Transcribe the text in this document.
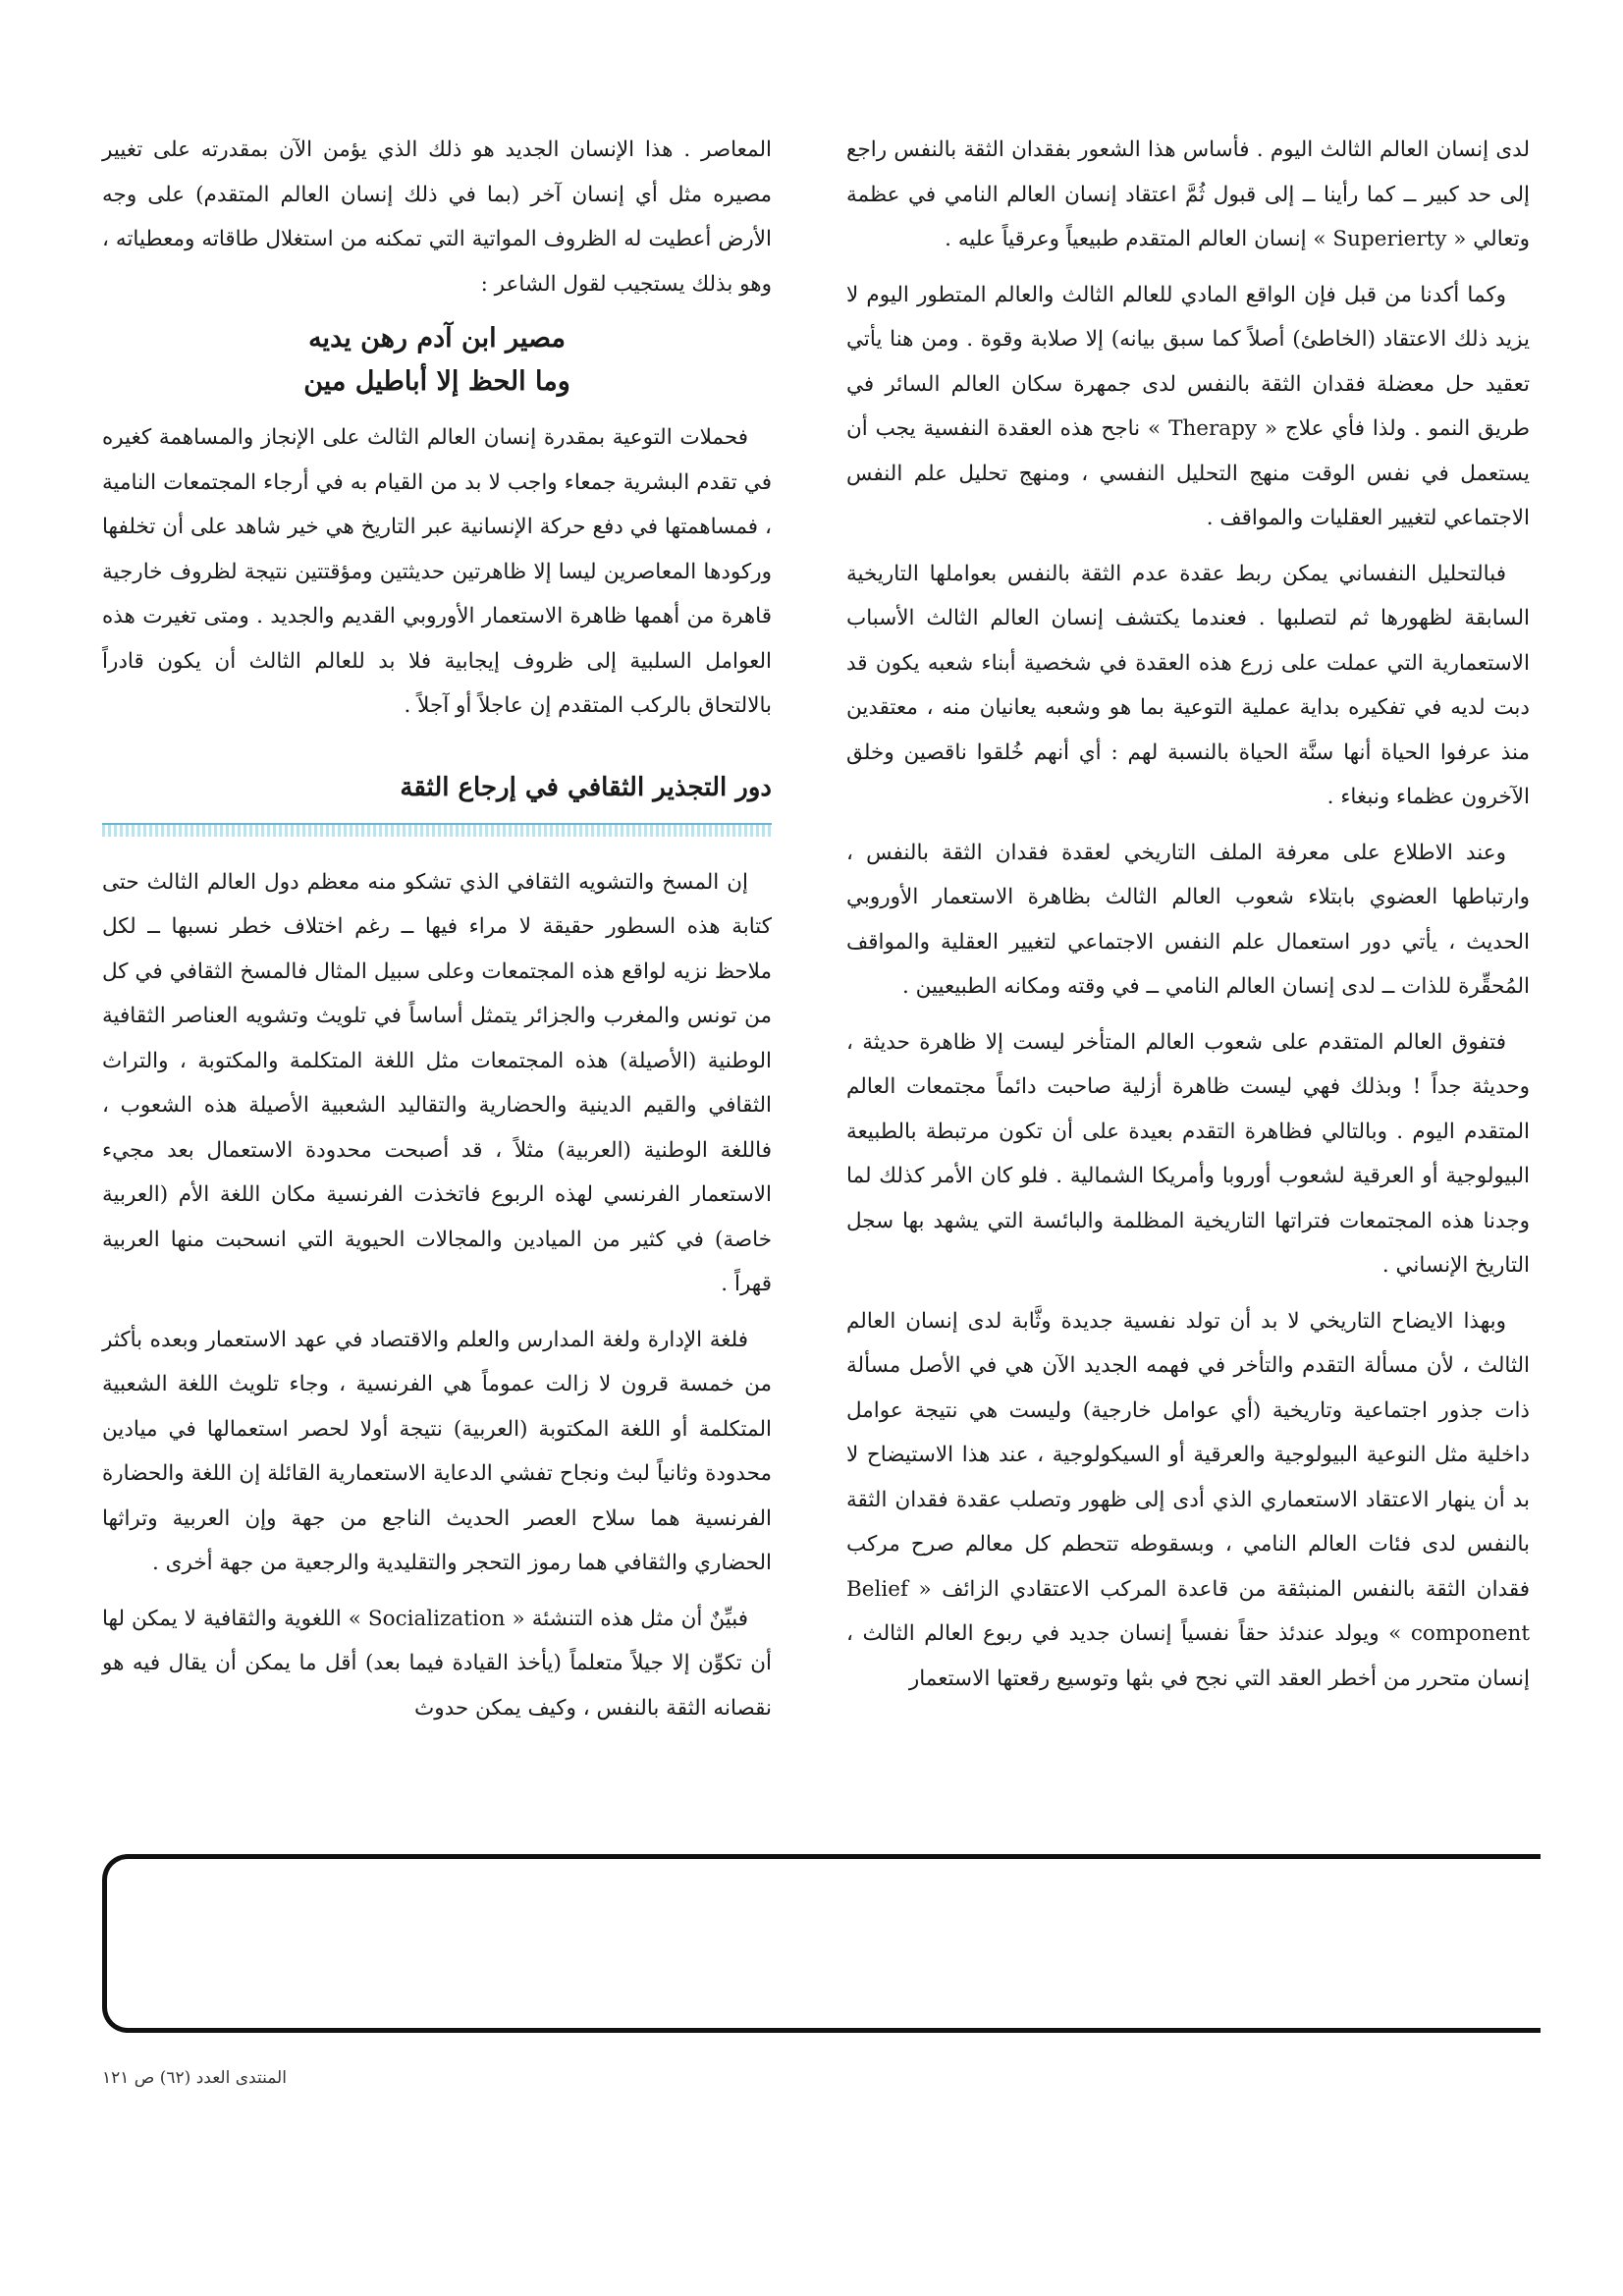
لدى إنسان العالم الثالث اليوم . فأساس هذا الشعور بفقدان الثقة بالنفس راجع إلى حد كبير ــ كما رأينا ــ إلى قبول ثُمَّ اعتقاد إنسان العالم النامي في عظمة وتعالي « Superierty » إنسان العالم المتقدم طبيعياً وعرقياً عليه .

وكما أكدنا من قبل فإن الواقع المادي للعالم الثالث والعالم المتطور اليوم لا يزيد ذلك الاعتقاد (الخاطئ) أصلاً كما سبق بيانه) إلا صلابة وقوة . ومن هنا يأتي تعقيد حل معضلة فقدان الثقة بالنفس لدى جمهرة سكان العالم السائر في طريق النمو . ولذا فأي علاج « Therapy » ناجح هذه العقدة النفسية يجب أن يستعمل في نفس الوقت منهج التحليل النفسي ، ومنهج تحليل علم النفس الاجتماعي لتغيير العقليات والمواقف .

فبالتحليل النفساني يمكن ربط عقدة عدم الثقة بالنفس بعواملها التاريخية السابقة لظهورها ثم لتصلبها . فعندما يكتشف إنسان العالم الثالث الأسباب الاستعمارية التي عملت على زرع هذه العقدة في شخصية أبناء شعبه يكون قد دبت لديه في تفكيره بداية عملية التوعية بما هو وشعبه يعانيان منه ، معتقدين منذ عرفوا الحياة أنها سنَّة الحياة بالنسبة لهم : أي أنهم خُلقوا ناقصين وخلق الآخرون عظماء ونبغاء .

وعند الاطلاع على معرفة الملف التاريخي لعقدة فقدان الثقة بالنفس ، وارتباطها العضوي بابتلاء شعوب العالم الثالث بظاهرة الاستعمار الأوروبي الحديث ، يأتي دور استعمال علم النفس الاجتماعي لتغيير العقلية والمواقف المُحقِّرة للذات ــ لدى إنسان العالم النامي ــ في وقته ومكانه الطبيعيين .

فتفوق العالم المتقدم على شعوب العالم المتأخر ليست إلا ظاهرة حديثة ، وحديثة جداً ! وبذلك فهي ليست ظاهرة أزلية صاحبت دائماً مجتمعات العالم المتقدم اليوم . وبالتالي فظاهرة التقدم بعيدة على أن تكون مرتبطة بالطبيعة البيولوجية أو العرقية لشعوب أوروبا وأمريكا الشمالية . فلو كان الأمر كذلك لما وجدنا هذه المجتمعات فتراتها التاريخية المظلمة والبائسة التي يشهد بها سجل التاريخ الإنساني .

وبهذا الايضاح التاريخي لا بد أن تولد نفسية جديدة وثَّابة لدى إنسان العالم الثالث ، لأن مسألة التقدم والتأخر في فهمه الجديد الآن هي في الأصل مسألة ذات جذور اجتماعية وتاريخية (أي عوامل خارجية) وليست هي نتيجة عوامل داخلية مثل النوعية البيولوجية والعرقية أو السيكولوجية ، عند هذا الاستيضاح لا بد أن ينهار الاعتقاد الاستعماري الذي أدى إلى ظهور وتصلب عقدة فقدان الثقة بالنفس لدى فئات العالم النامي ، وبسقوطه تتحطم كل معالم صرح مركب فقدان الثقة بالنفس المنبثقة من قاعدة المركب الاعتقادي الزائف « Belief component » ويولد عندئذ حقاً نفسياً إنسان جديد في ربوع العالم الثالث ، إنسان متحرر من أخطر العقد التي نجح في بثها وتوسيع رقعتها الاستعمار

المعاصر . هذا الإنسان الجديد هو ذلك الذي يؤمن الآن بمقدرته على تغيير مصيره مثل أي إنسان آخر (بما في ذلك إنسان العالم المتقدم) على وجه الأرض أعطيت له الظروف المواتية التي تمكنه من استغلال طاقاته ومعطياته ، وهو بذلك يستجيب لقول الشاعر :

مصير ابن آدم رهن يديه
وما الحظ إلا أباطيل مين

فحملات التوعية بمقدرة إنسان العالم الثالث على الإنجاز والمساهمة كغيره في تقدم البشرية جمعاء واجب لا بد من القيام به في أرجاء المجتمعات النامية ، فمساهمتها في دفع حركة الإنسانية عبر التاريخ هي خير شاهد على أن تخلفها وركودها المعاصرين ليسا إلا ظاهرتين حديثتين ومؤقتتين نتيجة لظروف خارجية قاهرة من أهمها ظاهرة الاستعمار الأوروبي القديم والجديد . ومتى تغيرت هذه العوامل السلبية إلى ظروف إيجابية فلا بد للعالم الثالث أن يكون قادراً بالالتحاق بالركب المتقدم إن عاجلاً أو آجلاً .

دور التجذير الثقافي في إرجاع الثقة

إن المسخ والتشويه الثقافي الذي تشكو منه معظم دول العالم الثالث حتى كتابة هذه السطور حقيقة لا مراء فيها ــ رغم اختلاف خطر نسبها ــ لكل ملاحظ نزيه لواقع هذه المجتمعات وعلى سبيل المثال فالمسخ الثقافي في كل من تونس والمغرب والجزائر يتمثل أساساً في تلويث وتشويه العناصر الثقافية الوطنية (الأصيلة) هذه المجتمعات مثل اللغة المتكلمة والمكتوبة ، والتراث الثقافي والقيم الدينية والحضارية والتقاليد الشعبية الأصيلة هذه الشعوب ، فاللغة الوطنية (العربية) مثلاً ، قد أصبحت محدودة الاستعمال بعد مجيء الاستعمار الفرنسي لهذه الربوع فاتخذت الفرنسية مكان اللغة الأم (العربية خاصة) في كثير من الميادين والمجالات الحيوية التي انسحبت منها العربية قهراً .

فلغة الإدارة ولغة المدارس والعلم والاقتصاد في عهد الاستعمار وبعده بأكثر من خمسة قرون لا زالت عموماً هي الفرنسية ، وجاء تلويث اللغة الشعبية المتكلمة أو اللغة المكتوبة (العربية) نتيجة أولا لحصر استعمالها في ميادين محدودة وثانياً لبث ونجاح تفشي الدعاية الاستعمارية القائلة إن اللغة والحضارة الفرنسية هما سلاح العصر الحديث الناجع من جهة وإن العربية وتراثها الحضاري والثقافي هما رموز التحجر والتقليدية والرجعية من جهة أخرى .

فبيِّنٌ أن مثل هذه التنشئة « Socialization » اللغوية والثقافية لا يمكن لها أن تكوِّن إلا جيلاً متعلماً (يأخذ القيادة فيما بعد) أقل ما يمكن أن يقال فيه هو نقصانه الثقة بالنفس ، وكيف يمكن حدوث

المنتدى العدد (٦٢) ص ١٢١
